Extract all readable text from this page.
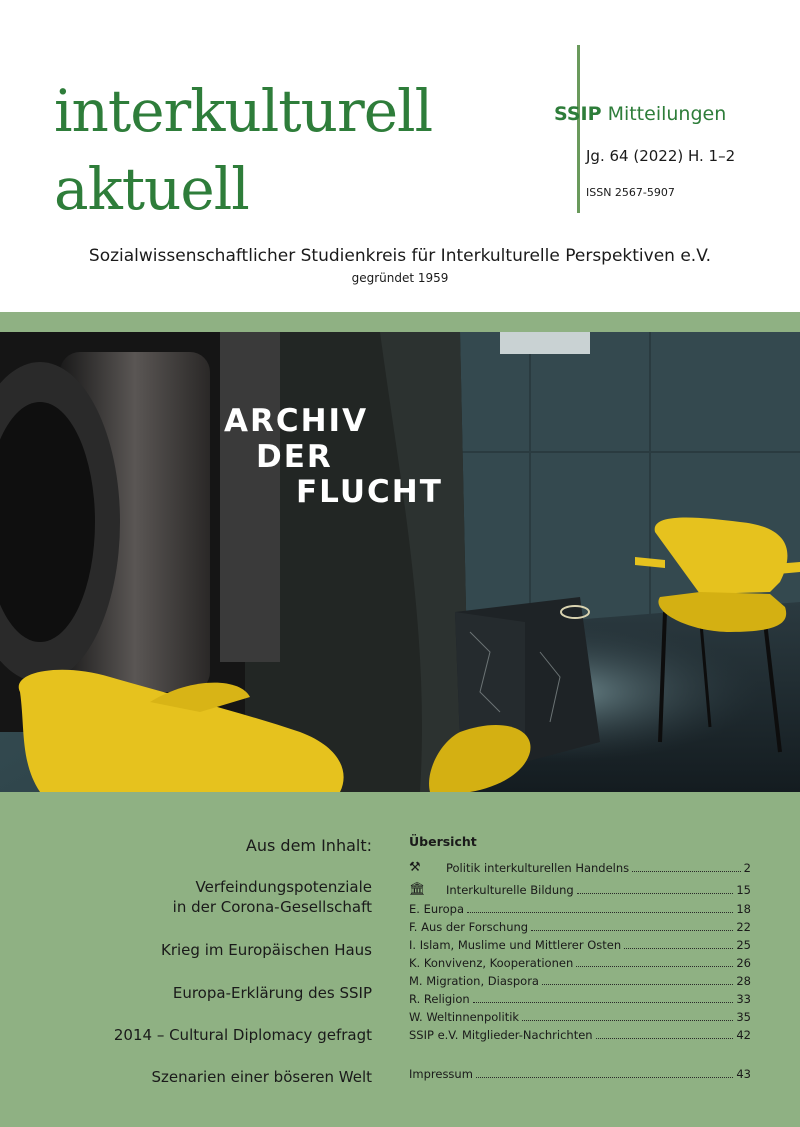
interkulturell
aktuell
SSIP Mitteilungen
Jg. 64 (2022) H. 1–2
ISSN 2567-5907
Sozialwissenschaftlicher Studienkreis für Interkulturelle Perspektiven e.V.
gegründet 1959
ARCHIV
DER
FLUCHT
Aus dem Inhalt:
Verfeindungspotenziale
in der Corona-Gesellschaft
Krieg im Europäischen Haus
Europa-Erklärung des SSIP
2014 – Cultural Diplomacy gefragt
Szenarien einer böseren Welt
Übersicht
⚒	Politik interkulturellen Handelns	2
🏛	Interkulturelle Bildung	15
E. Europa	18
F. Aus der Forschung	22
I. Islam, Muslime und Mittlerer Osten	25
K. Konvivenz, Kooperationen	26
M. Migration, Diaspora	28
R. Religion	33
W. Weltinnenpolitik	35
SSIP e.V. Mitglieder-Nachrichten	42
Impressum	43
